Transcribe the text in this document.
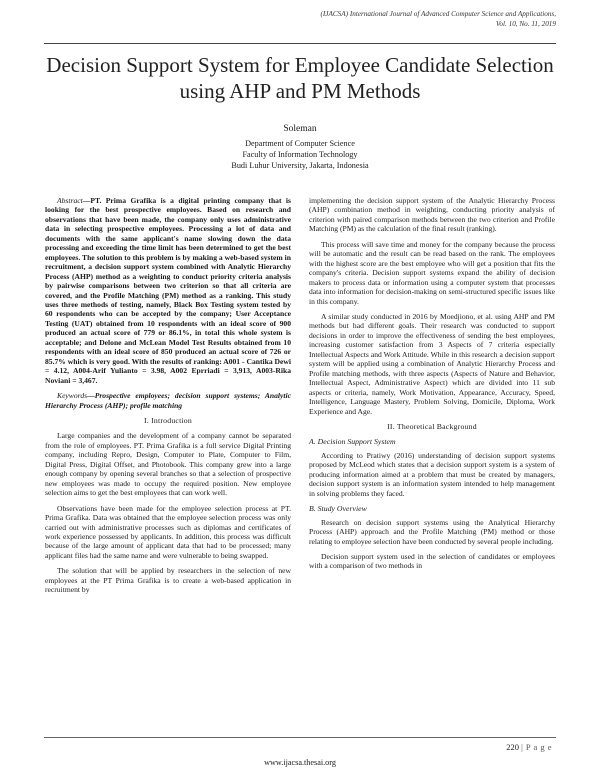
(IJACSA) International Journal of Advanced Computer Science and Applications,
Vol. 10, No. 11, 2019
Decision Support System for Employee Candidate Selection using AHP and PM Methods
Soleman
Department of Computer Science
Faculty of Information Technology
Budi Luhur University, Jakarta, Indonesia

Abstract—PT. Prima Grafika is a digital printing company that is looking for the best prospective employees. Based on research and observations that have been made, the company only uses administrative data in selecting prospective employees. Processing a lot of data and documents with the same applicant's name slowing down the data processing and exceeding the time limit has been determined to get the best employees. The solution to this problem is by making a web-based system in recruitment, a decision support system combined with Analytic Hierarchy Process (AHP) method as a weighting to conduct priority criteria analysis by pairwise comparisons between two criterion so that all criteria are covered, and the Profile Matching (PM) method as a ranking. This study uses three methods of testing, namely, Black Box Testing system tested by 60 respondents who can be accepted by the company; User Acceptance Testing (UAT) obtained from 10 respondents with an ideal score of 900 produced an actual score of 779 or 86.1%, in total this whole system is acceptable; and Delone and McLean Model Test Results obtained from 10 respondents with an ideal score of 850 produced an actual score of 726 or 85.7% which is very good. With the results of ranking: A001 - Cantika Dewi = 4.12, A004-Arif Yulianto = 3.98, A002 Eprriadi = 3,913, A003-Rika Noviani = 3,467.

Keywords—Prospective employees; decision support systems; Analytic Hierarchy Process (AHP); profile matching

I. Introduction

Large companies and the development of a company cannot be separated from the role of employees. PT. Prima Grafika is a full service Digital Printing company, including Repro, Design, Computer to Plate, Computer to Film, Digital Press, Digital Offset, and Photobook. This company grew into a large enough company by opening several branches so that a selection of prospective new employees was made to occupy the required position. New employee selection aims to get the best employees that can work well.

Observations have been made for the employee selection process at PT. Prima Grafika. Data was obtained that the employee selection process was only carried out with administrative processes such as diplomas and certificates of work experience possessed by applicants. In addition, this process was difficult because of the large amount of applicant data that had to be processed; many applicant files had the same name and were vulnerable to being swapped.

The solution that will be applied by researchers in the selection of new employees at the PT Prima Grafika is to create a web-based application in recruitment by

implementing the decision support system of the Analytic Hierarchy Process (AHP) combination method in weighting, conducting priority analysis of criterion with paired comparison methods between the two criterion and Profile Matching (PM) as the calculation of the final result (ranking).

This process will save time and money for the company because the process will be automatic and the result can be read based on the rank. The employees with the highest score are the best employee who will get a position that fits the company's criteria. Decision support systems expand the ability of decision makers to process data or information using a computer system that processes data into information for decision-making on semi-structured specific issues like in this company.

A similar study conducted in 2016 by Moedjiono, et al. using AHP and PM methods but had different goals. Their research was conducted to support decisions in order to improve the effectiveness of sending the best employees, increasing customer satisfaction from 3 Aspects of 7 criteria especially Intellectual Aspects and Work Attitude. While in this research a decision support system will be applied using a combination of Analytic Hierarchy Process and Profile matching methods, with three aspects (Aspects of Nature and Behavior, Intellectual Aspect, Administrative Aspect) which are divided into 11 sub aspects or criteria, namely, Work Motivation, Appearance, Accuracy, Speed, Intelligence, Language Mastery, Problem Solving, Domicile, Diploma, Work Experience and Age.

II. Theoretical Background
A. Decision Support System

According to Pratiwy (2016) understanding of decision support systems proposed by McLeod which states that a decision support system is a system of producing information aimed at a problem that must be created by managers, decision support system is an information system intended to help management in solving problems they faced.

B. Study Overview

Research on decision support systems using the Analytical Hierarchy Process (AHP) approach and the Profile Matching (PM) method or those relating to employee selection have been conducted by several people including.

Decision support system used in the selection of candidates or employees with a comparison of two methods in

220 | P a g e
www.ijacsa.thesai.org
